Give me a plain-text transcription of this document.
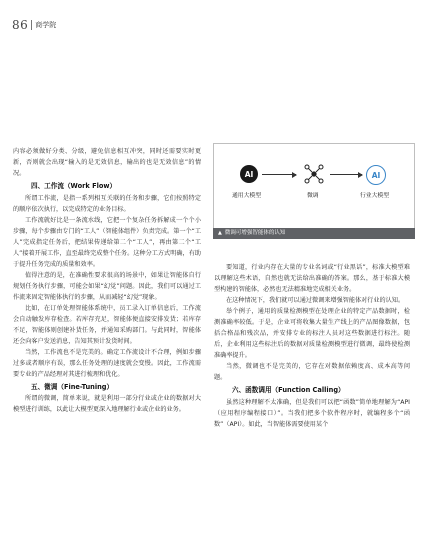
86 商学院
AI
通用大模型	微调
AI
行业大模型
▲ 微调可增强智能体的认知

内容必须做好分类、分级，避免信息相互冲突，同时还需要实时更新，否则就会出现“输入的是无效信息，输出的也是无效信息”的情况。

四、工作流（Work Flow）

所谓工作流，是指一系列相互关联的任务和步骤，它们按照特定的顺序依次执行，以完成特定的业务目标。

工作流就好比是一条流水线，它把一个复杂任务拆解成一个个小步骤，每个步骤由专门的“工人”（智能体组件）负责完成。第一个“工人”完成指定任务后，把结果传递给第二个“工人”，再由第二个“工人”接着开展工作，直至最终完成整个任务。这种分工方式明确，有助于提升任务完成的质量和效率。

值得注意的是，在准确性要求很高的场景中，如果让智能体自行规划任务执行步骤，可能会如果“幻觉”问题。因此，我们可以通过工作流来固定智能体执行的步骤，从而减轻“幻觉”现象。

比如，在订单处理智能体系统中，员工录入订单信息后，工作流会自动触发库存检查。若库存充足，智能体便直接安排发货；若库存不足，智能体则创建补货任务，并通知采购部门。与此同时，智能体还会向客户发送消息，告知其预计发货时间。

当然，工作流也不是完美的。确定工作流设计不合理，例如步骤过多或者顺序有误，那么任务处理的速度就会变慢。因此，工作流需要专业的产品经理对其进行梳理和优化。

五、微调（Fine-Tuning）

所谓的微调，简单来说，就是利用一部分行业或企业的数据对大模型进行训练，以此让大模型更深入地理解行业或企业的业务。

要知道，行业内存在大量的专业名词或“行业黑话”，标准大模型难以理解这些术语，自然也就无法给出准确的答案。那么，基于标准大模型构建的智能体，必然也无法精准地完成相关业务。

在这种情况下，我们就可以通过微调来增强智能体对行业的认知。

举个例子，通用的质量检测模型在处理企业的特定产品数据时，检测准确率较低。于是，企业可将收集大量生产线上的产品图像数据，包括合格品和残次品，并安排专业的标注人员对这些数据进行标注。随后，企业利用这些标注后的数据对质量检测模型进行微调，最终使检测准确率提升。

当然，微调也不是完美的，它存在对数据依赖度高、成本高等问题。

六、函数调用（Function Calling）

虽然这种理解不太准确，但是我们可以把“函数”简单地理解为“API（应用程序编程接口）”。当我们把多个软件程序时，就编程多个“函数”（API）。如此，当智能体需要使用某个
